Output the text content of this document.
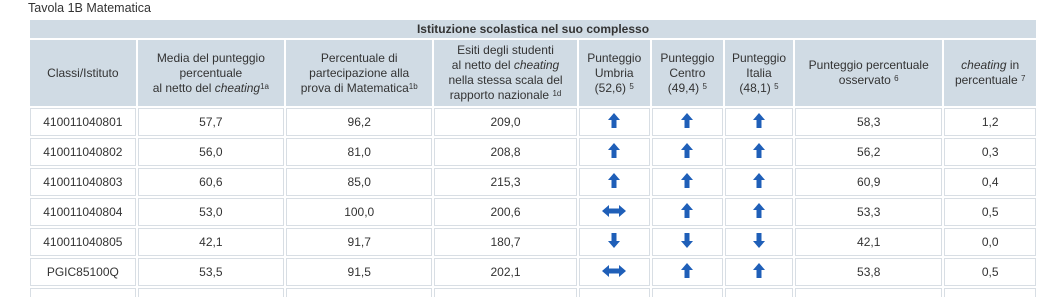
Tavola 1B Matematica
Istituzione scolastica nel suo complesso								
Classi/Istituto	Media del punteggio
percentuale
al netto del cheating$^{1a}$	Percentuale di
partecipazione alla
prova di Matematica$^{1b}$	Esiti degli studenti
al netto del cheating
nella stessa scala del
rapporto nazionale $^{1d}$	Punteggio
Umbria
(52,6) $^5$	Punteggio
Centro
(49,4) $^5$	Punteggio
Italia
(48,1) $^5$	Punteggio percentuale
osservato $^6$	cheating in
percentuale $^7$
410011040801	57,7	96,2	209,0				58,3	1,2
410011040802	56,0	81,0	208,8				56,2	0,3
410011040803	60,6	85,0	215,3				60,9	0,4
410011040804	53,0	100,0	200,6				53,3	0,5
410011040805	42,1	91,7	180,7				42,1	0,0
PGIC85100Q	53,5	91,5	202,1				53,8	0,5
